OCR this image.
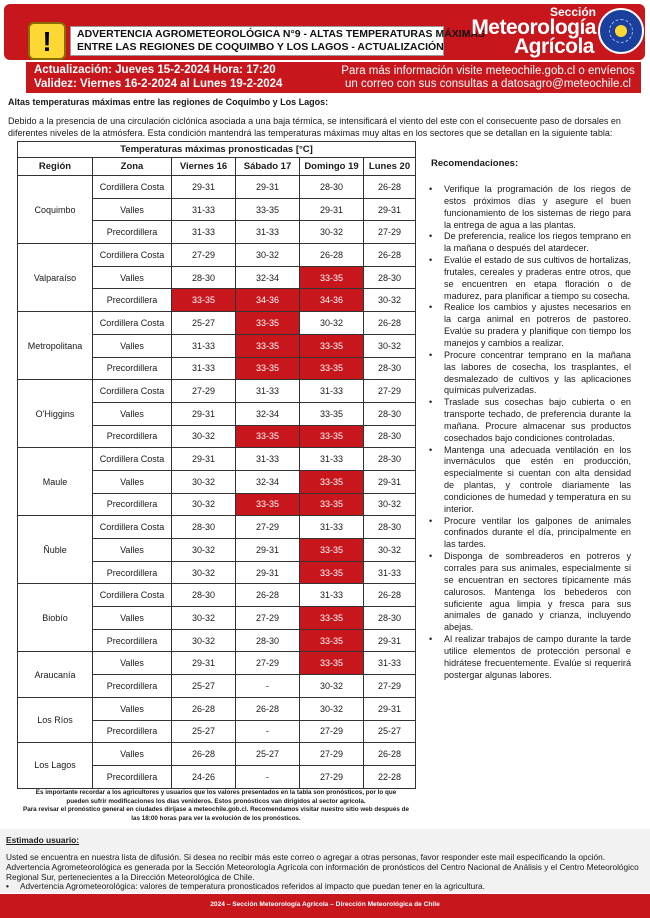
!	ADVERTENCIA AGROMETEOROLÓGICA N°9 - ALTAS TEMPERATURAS MÁXIMAS
ENTRE LAS REGIONES DE COQUIMBO Y LOS LAGOS - ACTUALIZACIÓN
Sección
Meteorología
Agrícola
Actualización: Jueves 15-2-2024 Hora: 17:20
Validez: Viernes 16-2-2024 al Lunes 19-2-2024
Para más información visite meteochile.gob.cl o envíenos
un correo con sus consultas a datosagro@meteochile.cl
Altas temperaturas máximas entre las regiones de Coquimbo y Los Lagos:
Debido a la presencia de una circulación ciclónica asociada a una baja térmica, se intensificará el viento del este con el consecuente paso de dorsales en diferentes niveles de la atmósfera. Esta condición mantendrá las temperaturas máximas muy altas en los sectores que se detallan en la siguiente tabla:
Temperaturas máximas pronosticadas [°C]					
Región	Zona	Viernes 16	Sábado 17	Domingo 19	Lunes 20
Coquimbo	Cordillera Costa	29-31	29-31	28-30	26-28
	Valles	31-33	33-35	29-31	29-31
	Precordillera	31-33	31-33	30-32	27-29
Valparaíso	Cordillera Costa	27-29	30-32	26-28	26-28
	Valles	28-30	32-34	33-35	28-30
	Precordillera	33-35	34-36	34-36	30-32
Metropolitana	Cordillera Costa	25-27	33-35	30-32	26-28
	Valles	31-33	33-35	33-35	30-32
	Precordillera	31-33	33-35	33-35	28-30
O'Higgins	Cordillera Costa	27-29	31-33	31-33	27-29
	Valles	29-31	32-34	33-35	28-30
	Precordillera	30-32	33-35	33-35	28-30
Maule	Cordillera Costa	29-31	31-33	31-33	28-30
	Valles	30-32	32-34	33-35	29-31
	Precordillera	30-32	33-35	33-35	30-32
Ñuble	Cordillera Costa	28-30	27-29	31-33	28-30
	Valles	30-32	29-31	33-35	30-32
	Precordillera	30-32	29-31	33-35	31-33
Biobío	Cordillera Costa	28-30	26-28	31-33	26-28
	Valles	30-32	27-29	33-35	28-30
	Precordillera	30-32	28-30	33-35	29-31
Araucanía	Valles	29-31	27-29	33-35	31-33
	Precordillera	25-27	-	30-32	27-29
Los Ríos	Valles	26-28	26-28	30-32	29-31
	Precordillera	25-27	-	27-29	25-27
Los Lagos	Valles	26-28	25-27	27-29	26-28
	Precordillera	24-26	-	27-29	22-28
Es importante recordar a los agricultores y usuarios que los valores presentados en la tabla son pronósticos, por lo que
pueden sufrir modificaciones los días venideros. Estos pronósticos van dirigidos al sector agrícola.
Para revisar el pronóstico general en ciudades diríjase a meteochile.gob.cl. Recomendamos visitar nuestro sitio web después de
las 18:00 horas para ver la evolución de los pronósticos.
Recomendaciones:
• Verifique la programación de los riegos de estos próximos días y asegure el buen funcionamiento de los sistemas de riego para la entrega de agua a las plantas.
• De preferencia, realice los riegos temprano en la mañana o después del atardecer.
• Evalúe el estado de sus cultivos de hortalizas, frutales, cereales y praderas entre otros, que se encuentren en etapa floración o de madurez, para planificar a tiempo su cosecha.
• Realice los cambios y ajustes necesarios en la carga animal en potreros de pastoreo. Evalúe su pradera y planifique con tiempo los manejos y cambios a realizar.
• Procure concentrar temprano en la mañana las labores de cosecha, los trasplantes, el desmalezado de cultivos y las aplicaciones químicas pulverizadas.
• Traslade sus cosechas bajo cubierta o en transporte techado, de preferencia durante la mañana. Procure almacenar sus productos cosechados bajo condiciones controladas.
• Mantenga una adecuada ventilación en los invernáculos que estén en producción, especialmente si cuentan con alta densidad de plantas, y controle diariamente las condiciones de humedad y temperatura en su interior.
• Procure ventilar los galpones de animales confinados durante el día, principalmente en las tardes.
• Disponga de sombreaderos en potreros y corrales para sus animales, especialmente si se encuentran en sectores típicamente más calurosos. Mantenga los bebederos con suficiente agua limpia y fresca para sus animales de ganado y crianza, incluyendo abejas.
• Al realizar trabajos de campo durante la tarde utilice elementos de protección personal e hidrátese frecuentemente. Evalúe si requerirá postergar algunas labores.
Estimado usuario:
Usted se encuentra en nuestra lista de difusión. Si desea no recibir más este correo o agregar a otras personas, favor responder este mail especificando la opción. Advertencia Agrometeorológica es generada por la Sección Meteorología Agrícola con información de pronósticos del Centro Nacional de Análisis y el Centro Meteorológico Regional Sur, pertenecientes a la Dirección Meteorológica de Chile.
• Advertencia Agrometeorológica: valores de temperatura pronosticados referidos al impacto que puedan tener en la agricultura.
2024 – Sección Meteorología Agrícola – Dirección Meteorológica de Chile
